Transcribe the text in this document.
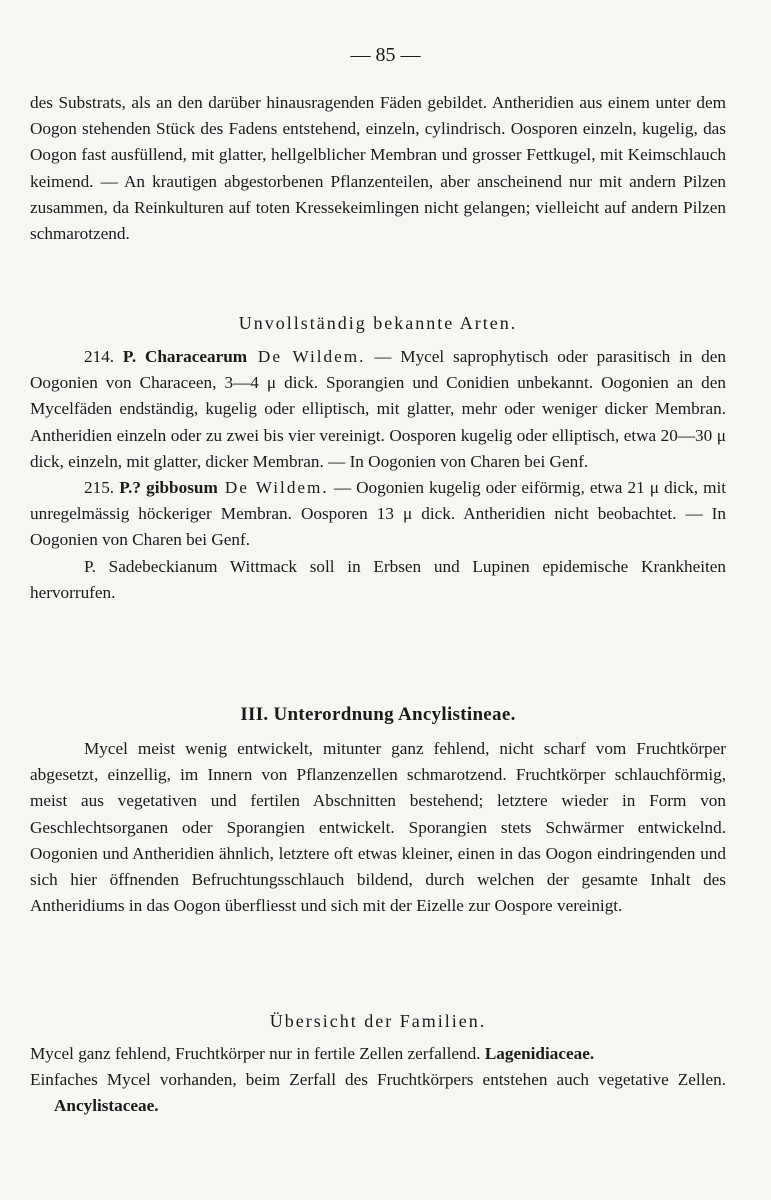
— 85 —

des Substrats, als an den darüber hinausragenden Fäden gebildet. Antheridien aus einem unter dem Oogon stehenden Stück des Fadens entstehend, einzeln, cylindrisch. Oosporen einzeln, kugelig, das Oogon fast ausfüllend, mit glatter, hellgelblicher Membran und grosser Fettkugel, mit Keimschlauch keimend. — An krautigen abgestorbenen Pflanzenteilen, aber anscheinend nur mit andern Pilzen zusammen, da Reinkulturen auf toten Kressekeimlingen nicht gelangen; vielleicht auf andern Pilzen schmarotzend.

Unvollständig bekannte Arten.

214. P. Characearum De Wildem. — Mycel saprophytisch oder parasitisch in den Oogonien von Characeen, 3—4 μ dick. Sporangien und Conidien unbekannt. Oogonien an den Mycelfäden endständig, kugelig oder elliptisch, mit glatter, mehr oder weniger dicker Membran. Antheridien einzeln oder zu zwei bis vier vereinigt. Oosporen kugelig oder elliptisch, etwa 20—30 μ dick, einzeln, mit glatter, dicker Membran. — In Oogonien von Charen bei Genf.

215. P.? gibbosum De Wildem. — Oogonien kugelig oder eiförmig, etwa 21 μ dick, mit unregelmässig höckeriger Membran. Oosporen 13 μ dick. Antheridien nicht beobachtet. — In Oogonien von Charen bei Genf.

P. Sadebeckianum Wittmack soll in Erbsen und Lupinen epidemische Krankheiten hervorrufen.

III. Unterordnung Ancylistineae.

Mycel meist wenig entwickelt, mitunter ganz fehlend, nicht scharf vom Fruchtkörper abgesetzt, einzellig, im Innern von Pflanzenzellen schmarotzend. Fruchtkörper schlauchförmig, meist aus vegetativen und fertilen Abschnitten bestehend; letztere wieder in Form von Geschlechtsorganen oder Sporangien entwickelt. Sporangien stets Schwärmer entwickelnd. Oogonien und Antheridien ähnlich, letztere oft etwas kleiner, einen in das Oogon eindringenden und sich hier öffnenden Befruchtungsschlauch bildend, durch welchen der gesamte Inhalt des Antheridiums in das Oogon überfliesst und sich mit der Eizelle zur Oospore vereinigt.

Übersicht der Familien.

Mycel ganz fehlend, Fruchtkörper nur in fertile Zellen zerfallend. Lagenidiaceae.

Einfaches Mycel vorhanden, beim Zerfall des Fruchtkörpers entstehen auch vegetative Zellen. Ancylistaceae.
